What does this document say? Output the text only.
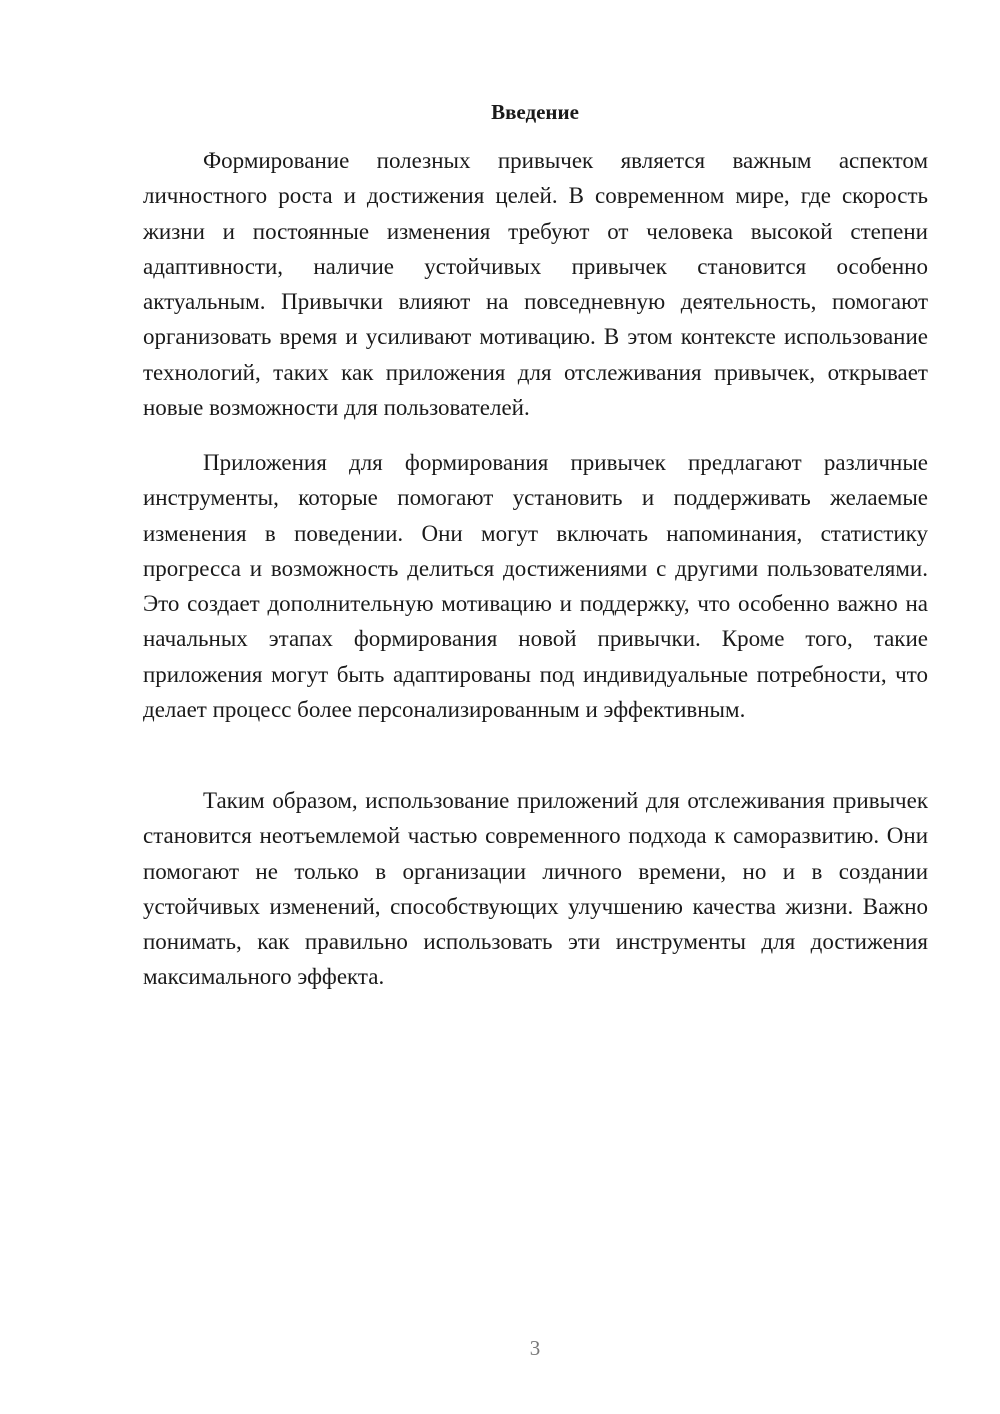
Введение

Формирование полезных привычек является важным аспектом личностного роста и достижения целей. В современном мире, где скорость жизни и постоянные изменения требуют от человека высокой степени адаптивности, наличие устойчивых привычек становится особенно актуальным. Привычки влияют на повседневную деятельность, помогают организовать время и усиливают мотивацию. В этом контексте использование технологий, таких как приложения для отслеживания привычек, открывает новые возможности для пользователей.

Приложения для формирования привычек предлагают различные инструменты, которые помогают установить и поддерживать желаемые изменения в поведении. Они могут включать напоминания, статистику прогресса и возможность делиться достижениями с другими пользователями. Это создает дополнительную мотивацию и поддержку, что особенно важно на начальных этапах формирования новой привычки. Кроме того, такие приложения могут быть адаптированы под индивидуальные потребности, что делает процесс более персонализированным и эффективным.

Таким образом, использование приложений для отслеживания привычек становится неотъемлемой частью современного подхода к саморазвитию. Они помогают не только в организации личного времени, но и в создании устойчивых изменений, способствующих улучшению качества жизни. Важно понимать, как правильно использовать эти инструменты для достижения максимального эффекта.

3
